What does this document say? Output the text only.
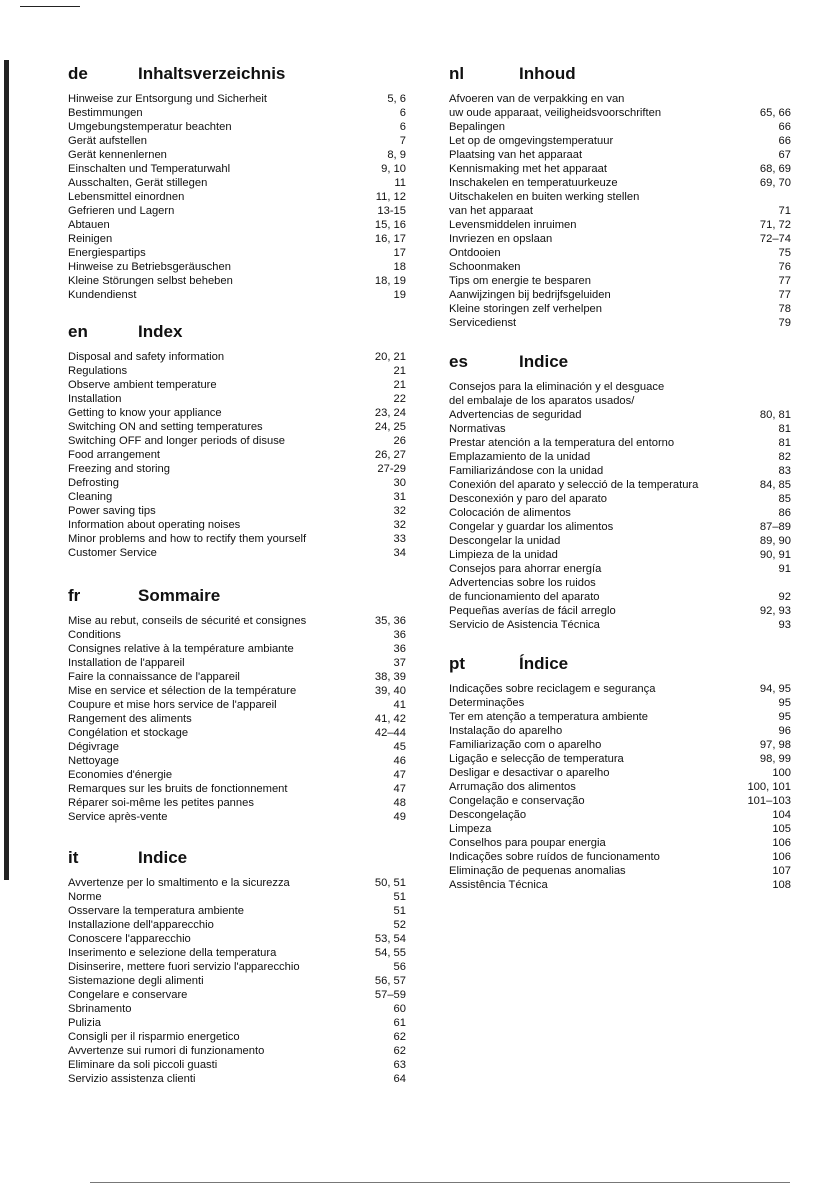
de	Inhaltsverzeichnis
Hinweise zur Entsorgung und Sicherheit	5, 6
Bestimmungen	6
Umgebungstemperatur beachten	6
Gerät aufstellen	7
Gerät kennenlernen	8, 9
Einschalten und Temperaturwahl	9, 10
Ausschalten, Gerät stillegen	11
Lebensmittel einordnen	11, 12
Gefrieren und Lagern	13-15
Abtauen	15, 16
Reinigen	16, 17
Energiespartips	17
Hinweise zu Betriebsgeräuschen	18
Kleine Störungen selbst beheben	18, 19
Kundendienst	19
en	Index
Disposal and safety information	20, 21
Regulations	21
Observe ambient temperature	21
Installation	22
Getting to know your appliance	23, 24
Switching ON and setting temperatures	24, 25
Switching OFF and longer periods of disuse	26
Food arrangement	26, 27
Freezing and storing	27-29
Defrosting	30
Cleaning	31
Power saving tips	32
Information about operating noises	32
Minor problems and how to rectify them yourself	33
Customer Service	34
fr	Sommaire
Mise au rebut, conseils de sécurité et consignes	35, 36
Conditions	36
Consignes relative à la température ambiante	36
Installation de l'appareil	37
Faire la connaissance de l'appareil	38, 39
Mise en service et sélection de la température	39, 40
Coupure et mise hors service de l'appareil	41
Rangement des aliments	41, 42
Congélation et stockage	42–44
Dégivrage	45
Nettoyage	46
Economies d'énergie	47
Remarques sur les bruits de fonctionnement	47
Réparer soi-même les petites pannes	48
Service après-vente	49
it	Indice
Avvertenze per lo smaltimento e la sicurezza	50, 51
Norme	51
Osservare la temperatura ambiente	51
Installazione dell'apparecchio	52
Conoscere l'apparecchio	53, 54
Inserimento e selezione della temperatura	54, 55
Disinserire, mettere fuori servizio l'apparecchio	56
Sistemazione degli alimenti	56, 57
Congelare e conservare	57–59
Sbrinamento	60
Pulizia	61
Consigli per il risparmio energetico	62
Avvertenze sui rumori di funzionamento	62
Eliminare da soli piccoli guasti	63
Servizio assistenza clienti	64
nl	Inhoud
Afvoeren van de verpakking en van
uw oude apparaat, veiligheidsvoorschriften	65, 66
Bepalingen	66
Let op de omgevingstemperatuur	66
Plaatsing van het apparaat	67
Kennismaking met het apparaat	68, 69
Inschakelen en temperatuurkeuze	69, 70
Uitschakelen en buiten werking stellen
van het apparaat	71
Levensmiddelen inruimen	71, 72
Invriezen en opslaan	72–74
Ontdooien	75
Schoonmaken	76
Tips om energie te besparen	77
Aanwijzingen bij bedrijfsgeluiden	77
Kleine storingen zelf verhelpen	78
Servicedienst	79
es	Indice
Consejos para la eliminación y el desguace
del embalaje de los aparatos usados/
Advertencias de seguridad	80, 81
Normativas	81
Prestar atención a la temperatura del entorno	81
Emplazamiento de la unidad	82
Familiarizándose con la unidad	83
Conexión del aparato y selecció de la temperatura	84, 85
Desconexión y paro del aparato	85
Colocación de alimentos	86
Congelar y guardar los alimentos	87–89
Descongelar la unidad	89, 90
Limpieza de la unidad	90, 91
Consejos para ahorrar energía	91
Advertencias sobre los ruidos
de funcionamiento del aparato	92
Pequeñas averías de fácil arreglo	92, 93
Servicio de Asistencia Técnica	93
pt	Índice
Indicações sobre reciclagem e segurança	94, 95
Determinações	95
Ter em atenção a temperatura ambiente	95
Instalação do aparelho	96
Familiarização com o aparelho	97, 98
Ligação e selecção de temperatura	98, 99
Desligar e desactivar o aparelho	100
Arrumação dos alimentos	100, 101
Congelação e conservação	101–103
Descongelação	104
Limpeza	105
Conselhos para poupar energia	106
Indicações sobre ruídos de funcionamento	106
Eliminação de pequenas anomalias	107
Assistência Técnica	108
